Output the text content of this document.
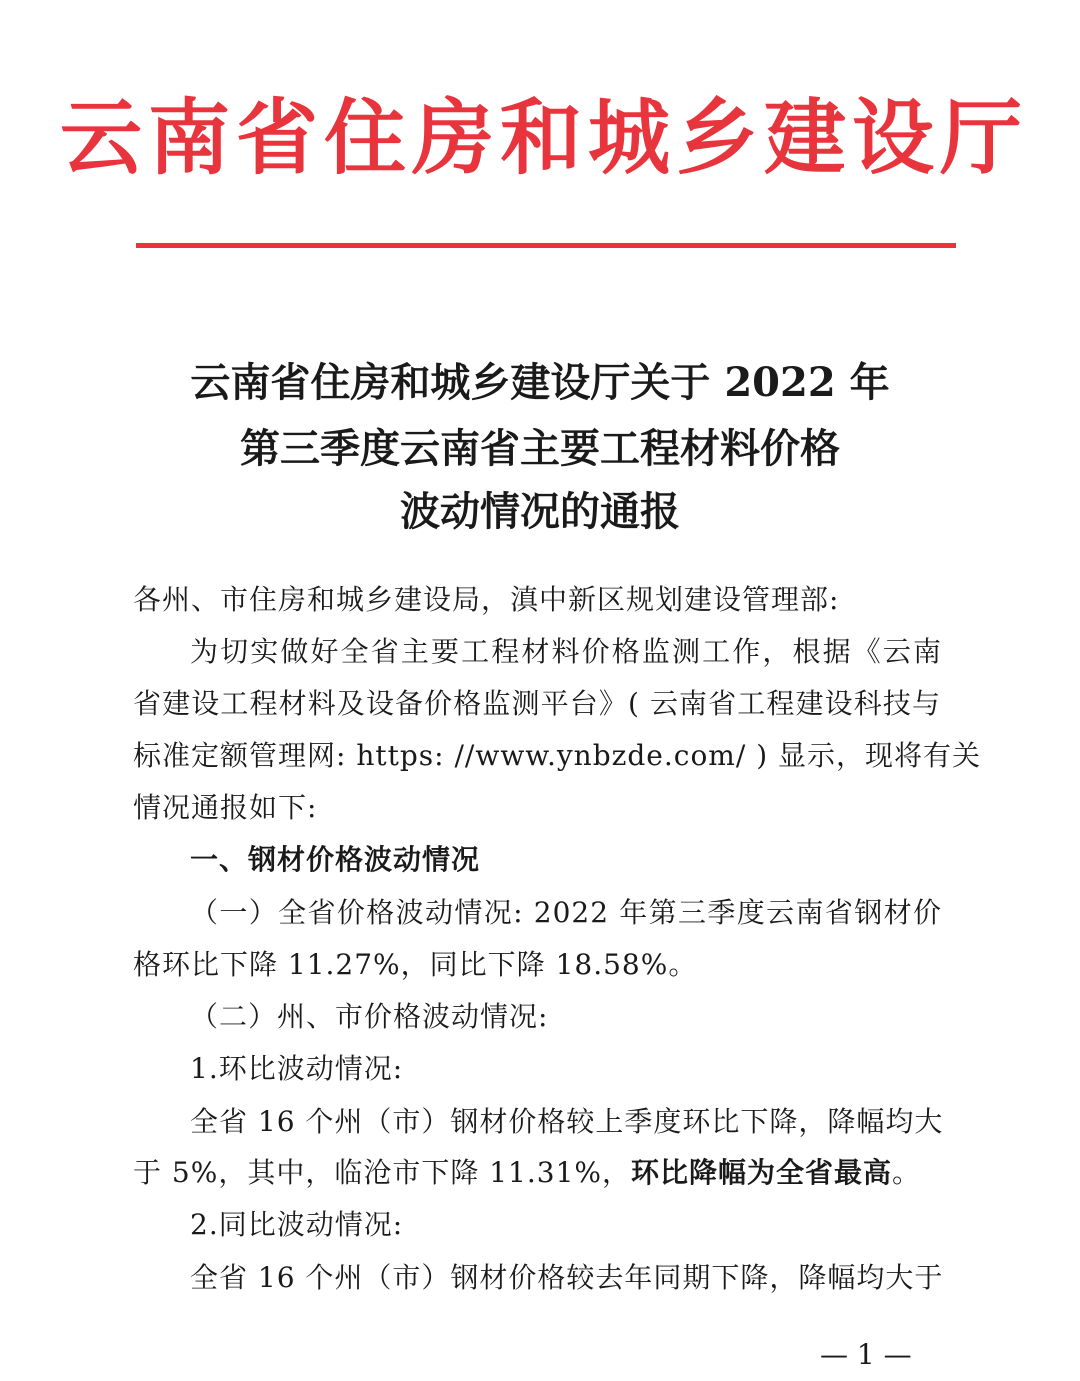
云南省住房和城乡建设厅
云南省住房和城乡建设厅关于 2022 年
第三季度云南省主要工程材料价格
波动情况的通报
各州、市住房和城乡建设局，滇中新区规划建设管理部:
为切实做好全省主要工程材料价格监测工作，根据《云南
省建设工程材料及设备价格监测平台》( 云南省工程建设科技与
标准定额管理网: https: //www.ynbzde.com/ ) 显示，现将有关
情况通报如下:
一、钢材价格波动情况
（一）全省价格波动情况: 2022 年第三季度云南省钢材价
格环比下降 11.27%，同比下降 18.58%。
（二）州、市价格波动情况:
1.环比波动情况:
全省 16 个州（市）钢材价格较上季度环比下降，降幅均大
于 5%，其中，临沧市下降 11.31%，环比降幅为全省最高。
2.同比波动情况:
全省 16 个州（市）钢材价格较去年同期下降，降幅均大于
— 1 —
